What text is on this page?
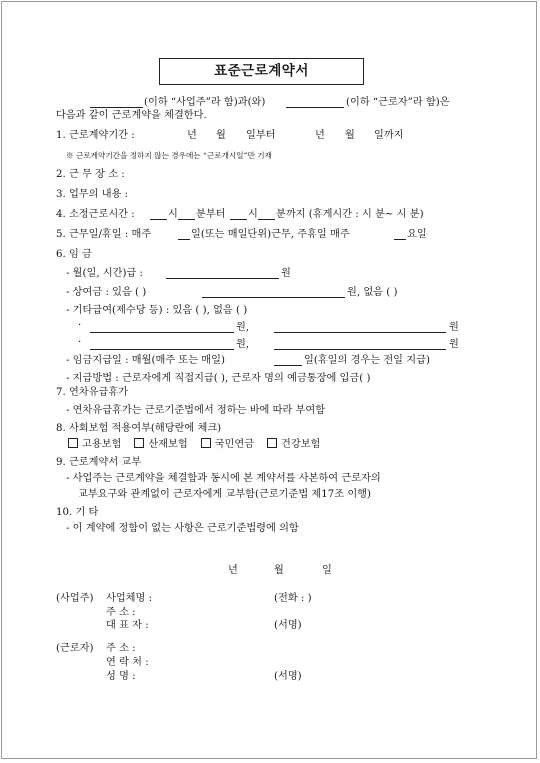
표준근로계약서
(이하 “사업주”라 함)과(와)	(이하 “근로자”라 함)은
다음과 같이 근로계약을 체결한다.
1. 근로계약기간 :	년 월 일부터	년 월 일까지
※ 근로계약기간을 정하지 않는 경우에는 “근로개시일”만 기재
2. 근 무 장 소 :
3. 업무의 내용 :
4. 소정근로시간 :	시 분부터 시 분까지 (휴게시간 : 시 분~ 시 분)
5. 근무일/휴일 : 매주	일(또는 매일단위)근무, 주휴일 매주	요일
6. 임 금
- 월(일, 시간)급 :	원
- 상여금 : 있음 ( )	원, 없음 ( )
- 기타급여(제수당 등) : 있음 ( ), 없음 ( )
·	원,	원
·	원,	원
- 임금지급일 : 매월(매주 또는 매일)	일(휴일의 경우는 전일 지급)
- 지급방법 : 근로자에게 직접지급( ), 근로자 명의 예금통장에 입금( )
7. 연차유급휴가
- 연차유급휴가는 근로기준법에서 정하는 바에 따라 부여함
8. 사회보험 적용여부(해당란에 체크)
고용보험	산재보험	국민연금	건강보험
9. 근로계약서 교부
- 사업주는 근로계약을 체결함과 동시에 본 계약서를 사본하여 근로자의
교부요구와 관계없이 근로자에게 교부함(근로기준법 제17조 이행)
10. 기 타
- 이 계약에 정함이 없는 사항은 근로기준법령에 의함
년	월	일
(사업주) 사업체명 :	(전화 : )
주 소 :
대 표 자 :	(서명)
(근로자) 주 소 :
연 락 처 :
성 명 :	(서명)
